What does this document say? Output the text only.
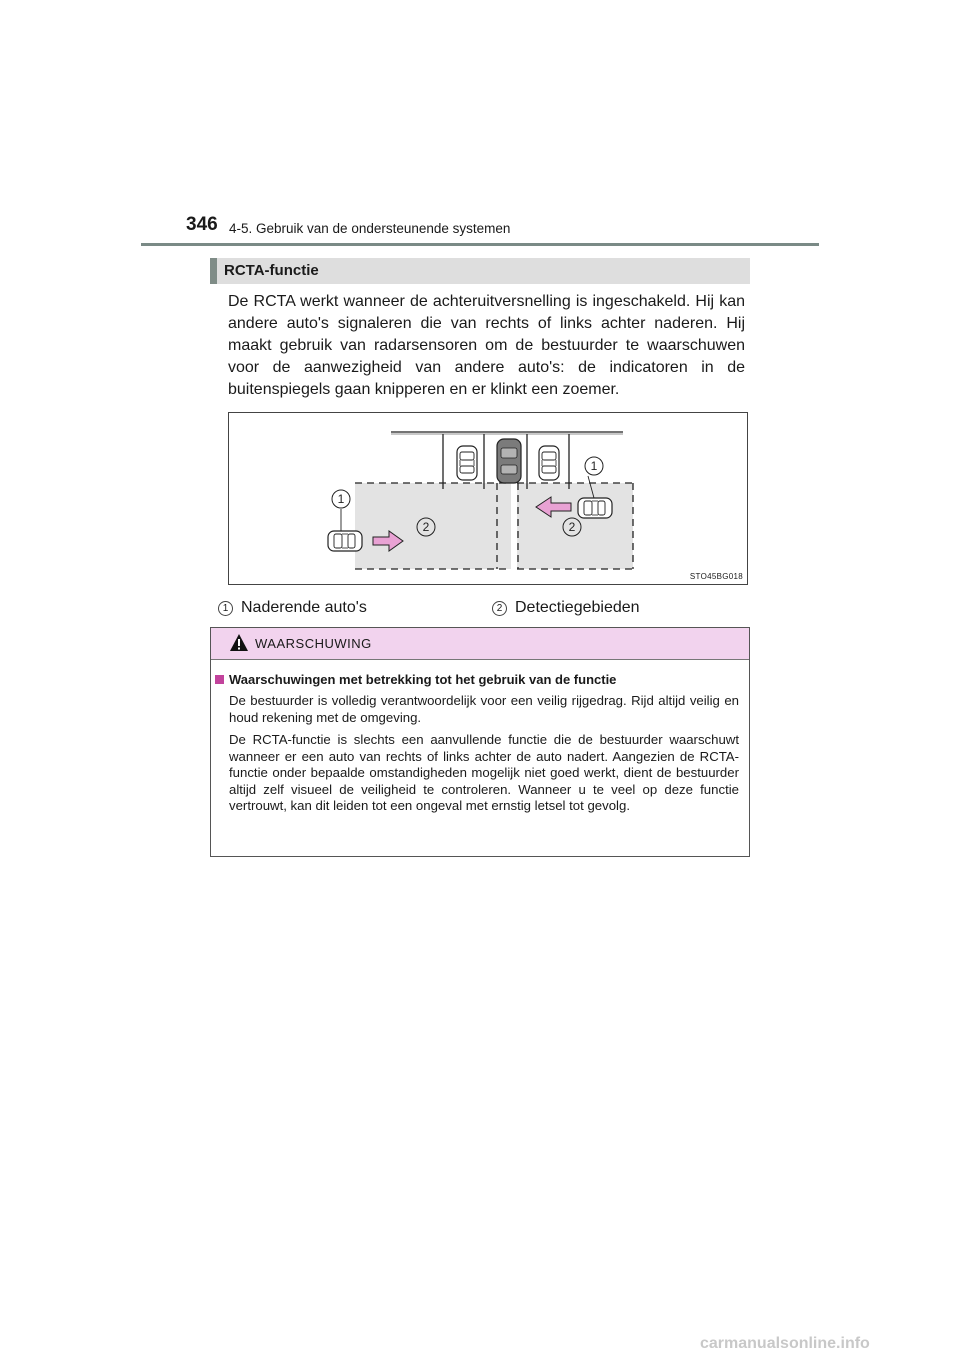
346 4-5. Gebruik van de ondersteunende systemen
RCTA-functie
De RCTA werkt wanneer de achteruitversnelling is ingeschakeld. Hij kan andere auto's signaleren die van rechts of links achter naderen. Hij maakt gebruik van radarsensoren om de bestuurder te waarschuwen voor de aanwezigheid van andere auto's: de indicatoren in de buitenspiegels gaan knipperen en er klinkt een zoemer.
1
2	2
1
STO45BG018
1 Naderende auto's	2 Detectiegebieden
WAARSCHUWING
Waarschuwingen met betrekking tot het gebruik van de functie
De bestuurder is volledig verantwoordelijk voor een veilig rijgedrag. Rijd altijd veilig en houd rekening met de omgeving.
De RCTA-functie is slechts een aanvullende functie die de bestuurder waarschuwt wanneer er een auto van rechts of links achter de auto nadert. Aangezien de RCTA-functie onder bepaalde omstandigheden mogelijk niet goed werkt, dient de bestuurder altijd zelf visueel de veiligheid te controleren. Wanneer u te veel op deze functie vertrouwt, kan dit leiden tot een ongeval met ernstig letsel tot gevolg.
carmanualsonline.info
